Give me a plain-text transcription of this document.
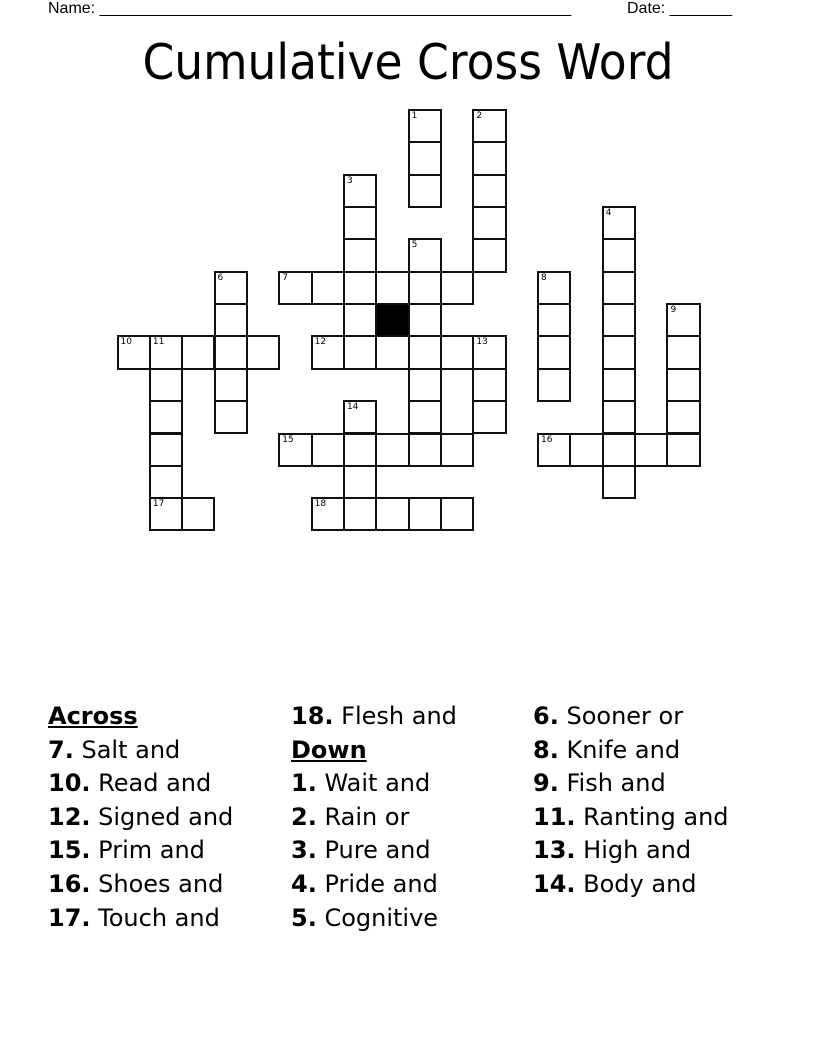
Name: _____________________________________________________	Date: _______
Cumulative Cross Word
1	2
3
4
5
6	7	8
9
10 11	12	13
14
15	16
17	18
Across
7. Salt and
10. Read and
12. Signed and
15. Prim and
16. Shoes and
17. Touch and
18. Flesh and
Down
1. Wait and
2. Rain or
3. Pure and
4. Pride and
5. Cognitive
6. Sooner or
8. Knife and
9. Fish and
11. Ranting and
13. High and
14. Body and
